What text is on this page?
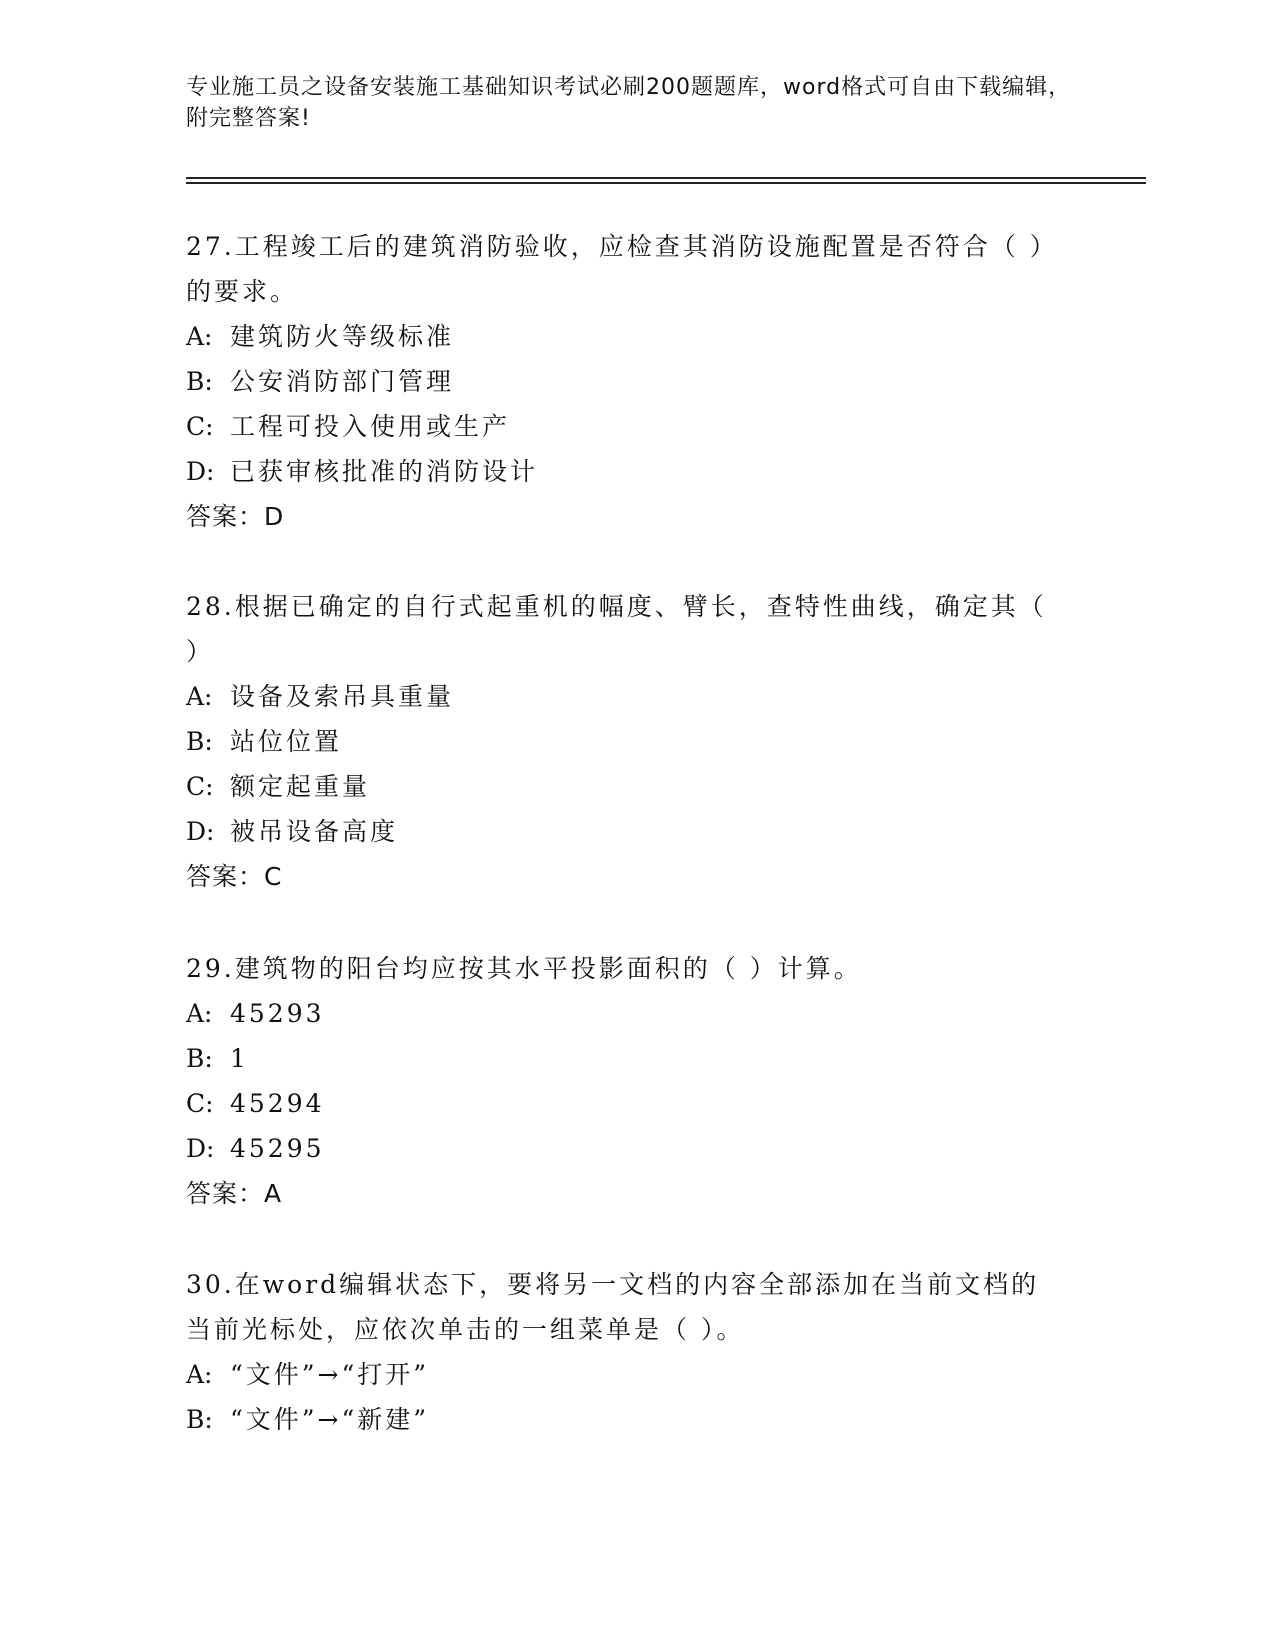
专业施工员之设备安装施工基础知识考试必刷200题题库，word格式可自由下载编辑，附完整答案!
27.工程竣工后的建筑消防验收，应检查其消防设施配置是否符合（ ）的要求。
A: 建筑防火等级标准
B: 公安消防部门管理
C: 工程可投入使用或生产
D: 已获审核批准的消防设计
答案：D
28.根据已确定的自行式起重机的幅度、臂长，查特性曲线，确定其（ ）
A: 设备及索吊具重量
B: 站位位置
C: 额定起重量
D: 被吊设备高度
答案：C
29.建筑物的阳台均应按其水平投影面积的（ ）计算。
A: 45293
B: 1
C: 45294
D: 45295
答案：A
30.在word编辑状态下，要将另一文档的内容全部添加在当前文档的当前光标处，应依次单击的一组菜单是（ ）。
A: “文件”→“打开”
B: “文件”→“新建”
